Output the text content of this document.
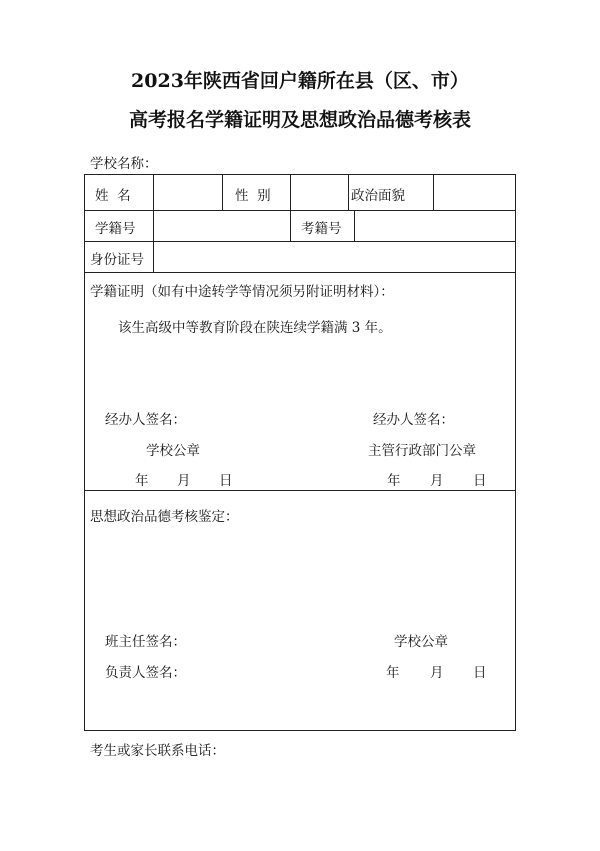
2023年陕西省回户籍所在县（区、市）
高考报名学籍证明及思想政治品德考核表
学校名称：
姓  名	性  别	政治面貌
学籍号	考籍号
身份证号
学籍证明（如有中途转学等情况须另附证明材料）：
该生高级中等教育阶段在陕连续学籍满 3 年。
经办人签名：	经办人签名：
学校公章	主管行政部门公章
年 月 日	年 月 日
思想政治品德考核鉴定：
班主任签名：	学校公章
负责人签名：	年 月 日
考生或家长联系电话：
